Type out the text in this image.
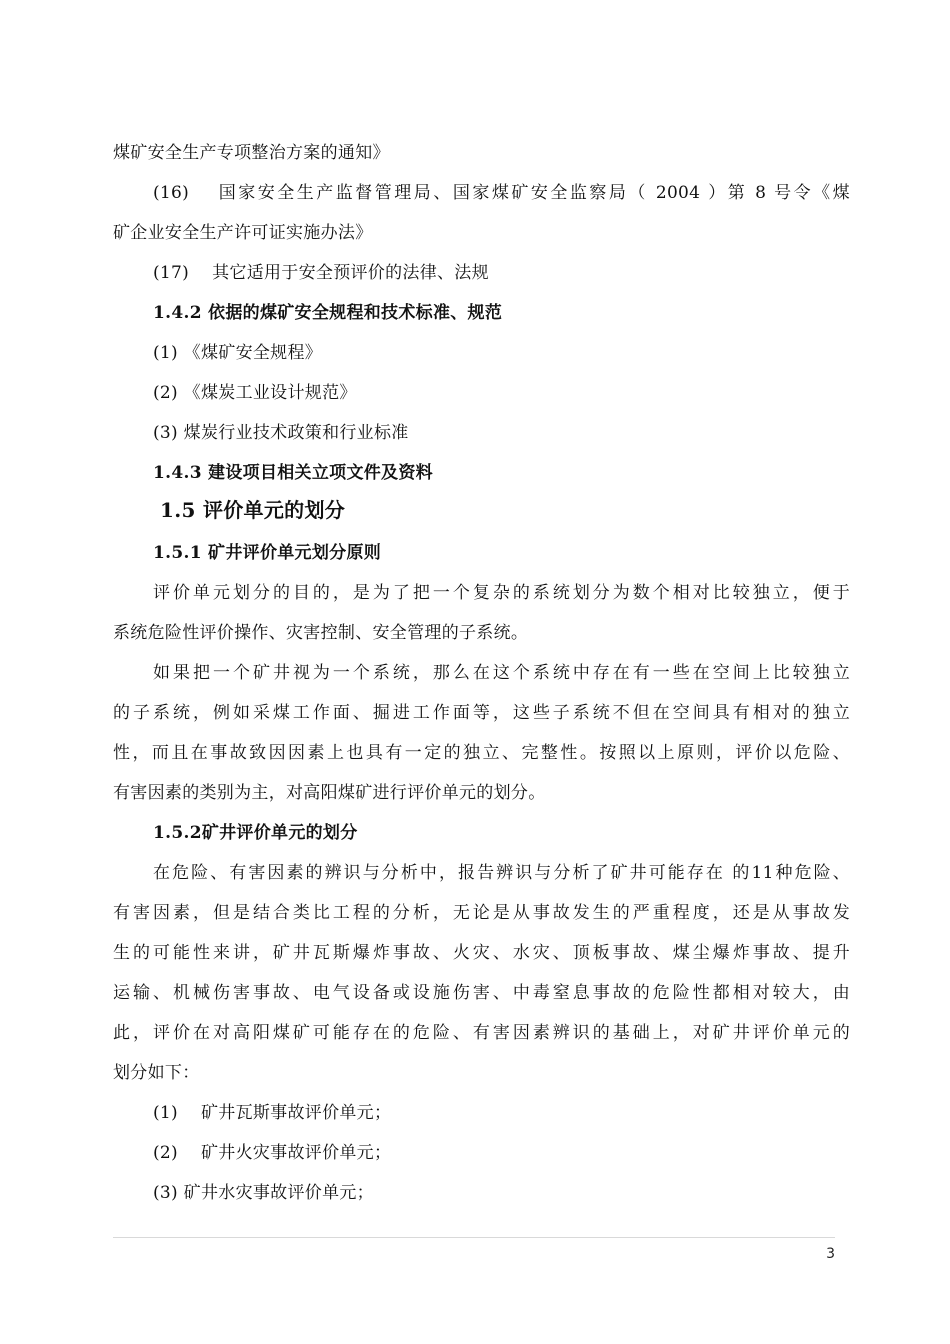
煤矿安全生产专项整治方案的通知》
(16)　 国家安全生产监督管理局、国家煤矿安全监察局（ 2004 ）第 8 号令《煤
矿企业安全生产许可证实施办法》
(17)　 其它适用于安全预评价的法律、法规
1.4.2 依据的煤矿安全规程和技术标准、规范
(1) 《煤矿安全规程》
(2) 《煤炭工业设计规范》
(3) 煤炭行业技术政策和行业标准
1.4.3 建设项目相关立项文件及资料
1.5 评价单元的划分
1.5.1 矿井评价单元划分原则
评价单元划分的目的，是为了把一个复杂的系统划分为数个相对比较独立，便于
系统危险性评价操作、灾害控制、安全管理的子系统。
如果把一个矿井视为一个系统，那么在这个系统中存在有一些在空间上比较独立
的子系统，例如采煤工作面、掘进工作面等，这些子系统不但在空间具有相对的独立
性，而且在事故致因因素上也具有一定的独立、完整性。按照以上原则，评价以危险、
有害因素的类别为主，对高阳煤矿进行评价单元的划分。
1.5.2矿井评价单元的划分
在危险、有害因素的辨识与分析中，报告辨识与分析了矿井可能存在 的11种危险、
有害因素，但是结合类比工程的分析，无论是从事故发生的严重程度，还是从事故发
生的可能性来讲，矿井瓦斯爆炸事故、火灾、水灾、顶板事故、煤尘爆炸事故、提升
运输、机械伤害事故、电气设备或设施伤害、中毒窒息事故的危险性都相对较大，由
此，评价在对高阳煤矿可能存在的危险、有害因素辨识的基础上，对矿井评价单元的
划分如下：
(1)　 矿井瓦斯事故评价单元；
(2)　 矿井火灾事故评价单元；
(3) 矿井水灾事故评价单元；
3
